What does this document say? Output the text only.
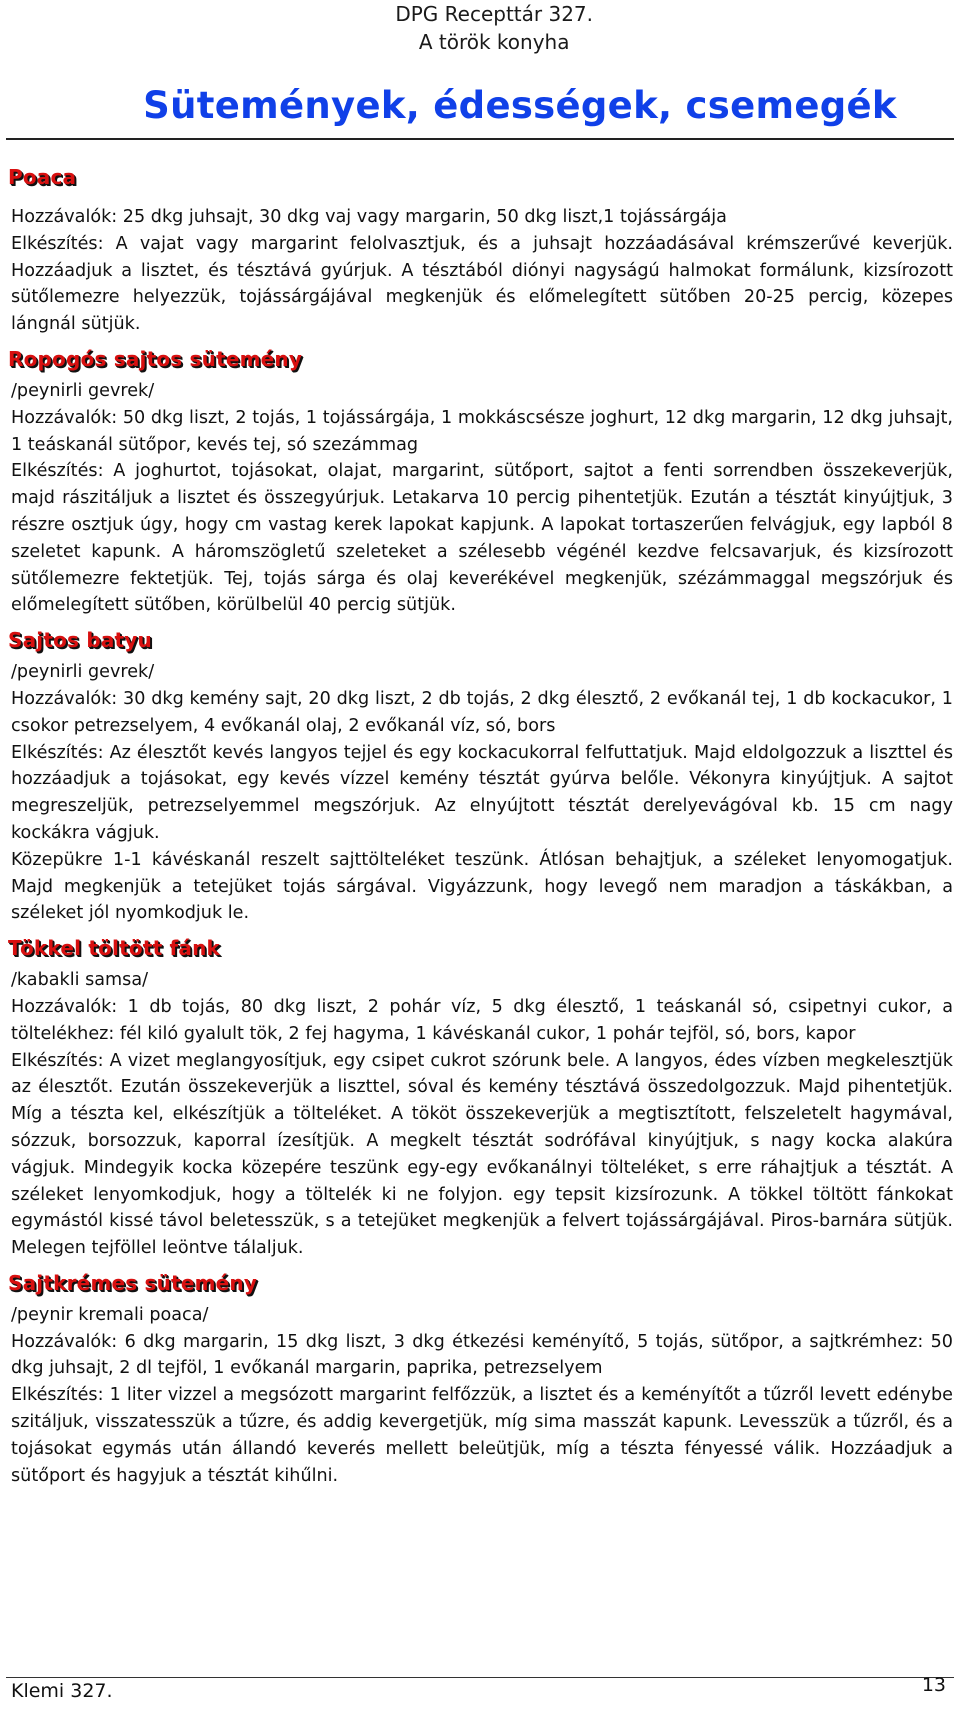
DPG Recepttár 327.
A török konyha
Sütemények, édességek, csemegék
Poaca

Hozzávalók: 25 dkg juhsajt, 30 dkg vaj vagy margarin, 50 dkg liszt,1 tojássárgája

Elkészítés: A vajat vagy margarint felolvasztjuk, és a juhsajt hozzáadásával krémszerűvé keverjük. Hozzáadjuk a lisztet, és tésztává gyúrjuk. A tésztából diónyi nagyságú halmokat formálunk, kizsírozott sütőlemezre helyezzük, tojássárgájával megkenjük és előmelegített sütőben 20-25 percig, közepes lángnál sütjük.

Ropogós sajtos sütemény

/peynirli gevrek/

Hozzávalók: 50 dkg liszt, 2 tojás, 1 tojássárgája, 1 mokkáscsésze joghurt, 12 dkg margarin, 12 dkg juhsajt, 1 teáskanál sütőpor, kevés tej, só szezámmag

Elkészítés: A joghurtot, tojásokat, olajat, margarint, sütőport, sajtot a fenti sorrendben összekeverjük, majd rászitáljuk a lisztet és összegyúrjuk. Letakarva 10 percig pihentetjük. Ezután a tésztát kinyújtjuk, 3 részre osztjuk úgy, hogy cm vastag kerek lapokat kapjunk. A lapokat tortaszerűen felvágjuk, egy lapból 8 szeletet kapunk. A háromszögletű szeleteket a szélesebb végénél kezdve felcsavarjuk, és kizsírozott sütőlemezre fektetjük. Tej, tojás sárga és olaj keverékével megkenjük, szézámmaggal megszórjuk és előmelegített sütőben, körülbelül 40 percig sütjük.

Sajtos batyu

/peynirli gevrek/

Hozzávalók: 30 dkg kemény sajt, 20 dkg liszt, 2 db tojás, 2 dkg élesztő, 2 evőkanál tej, 1 db kockacukor, 1 csokor petrezselyem, 4 evőkanál olaj, 2 evőkanál víz, só, bors

Elkészítés: Az élesztőt kevés langyos tejjel és egy kockacukorral felfuttatjuk. Majd eldolgozzuk a liszttel és hozzáadjuk a tojásokat, egy kevés vízzel kemény tésztát gyúrva belőle. Vékonyra kinyújtjuk. A sajtot megreszeljük, petrezselyemmel megszórjuk. Az elnyújtott tésztát derelyevágóval kb. 15 cm nagy kockákra vágjuk.

Közepükre 1-1 kávéskanál reszelt sajttölteléket teszünk. Átlósan behajtjuk, a széleket lenyomogatjuk. Majd megkenjük a tetejüket tojás sárgával. Vigyázzunk, hogy levegő nem maradjon a táskákban, a széleket jól nyomkodjuk le.

Tökkel töltött fánk

/kabakli samsa/

Hozzávalók: 1 db tojás, 80 dkg liszt, 2 pohár víz, 5 dkg élesztő, 1 teáskanál só, csipetnyi cukor, a töltelékhez: fél kiló gyalult tök, 2 fej hagyma, 1 kávéskanál cukor, 1 pohár tejföl, só, bors, kapor

Elkészítés: A vizet meglangyosítjuk, egy csipet cukrot szórunk bele. A langyos, édes vízben megkelesztjük az élesztőt. Ezután összekeverjük a liszttel, sóval és kemény tésztává összedolgozzuk. Majd pihentetjük. Míg a tészta kel, elkészítjük a tölteléket. A tököt összekeverjük a megtisztított, felszeletelt hagymával, sózzuk, borsozzuk, kaporral ízesítjük. A megkelt tésztát sodrófával kinyújtjuk, s nagy kocka alakúra vágjuk. Mindegyik kocka közepére teszünk egy-egy evőkanálnyi tölteléket, s erre ráhajtjuk a tésztát. A széleket lenyomkodjuk, hogy a töltelék ki ne folyjon. egy tepsit kizsírozunk. A tökkel töltött fánkokat egymástól kissé távol beletesszük, s a tetejüket megkenjük a felvert tojássárgájával. Piros-barnára sütjük. Melegen tejföllel leöntve tálaljuk.

Sajtkrémes sütemény

/peynir kremali poaca/

Hozzávalók: 6 dkg margarin, 15 dkg liszt, 3 dkg étkezési keményítő, 5 tojás, sütőpor, a sajtkrémhez: 50 dkg juhsajt, 2 dl tejföl, 1 evőkanál margarin, paprika, petrezselyem

Elkészítés: 1 liter vizzel a megsózott margarint felfőzzük, a lisztet és a keményítőt a tűzről levett edénybe szitáljuk, visszatesszük a tűzre, és addig kevergetjük, míg sima masszát kapunk. Levesszük a tűzről, és a tojásokat egymás után állandó keverés mellett beleütjük, míg a tészta fényessé válik. Hozzáadjuk a sütőport és hagyjuk a tésztát kihűlni.

Klemi 327.	13
